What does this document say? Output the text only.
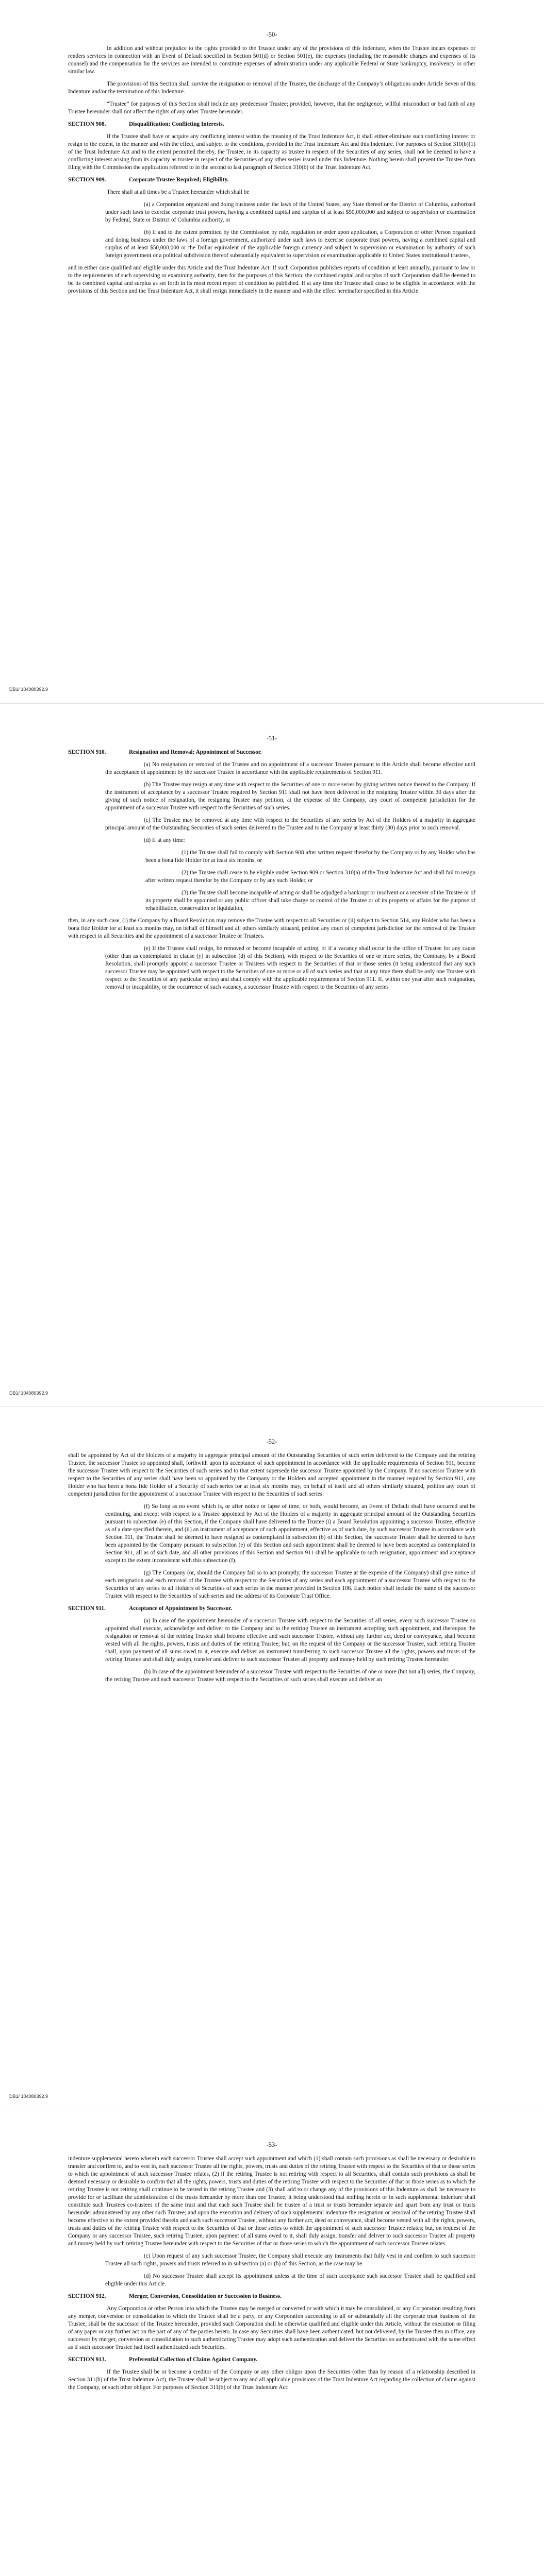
-50-

In addition and without prejudice to the rights provided to the Trustee under any of the provisions of this Indenture, when the Trustee incurs expenses or renders services in connection with an Event of Default specified in Section 501(d) or Section 501(e), the expenses (including the reasonable charges and expenses of its counsel) and the compensation for the services are intended to constitute expenses of administration under any applicable Federal or State bankruptcy, insolvency or other similar law.

The provisions of this Section shall survive the resignation or removal of the Trustee, the discharge of the Company’s obligations under Article Seven of this Indenture and/or the termination of this Indenture.

“Trustee” for purposes of this Section shall include any predecessor Trustee; provided, however, that the negligence, willful misconduct or bad faith of any Trustee hereunder shall not affect the rights of any other Trustee hereunder.

SECTION 908.	Disqualification; Conflicting Interests.

If the Trustee shall have or acquire any conflicting interest within the meaning of the Trust Indenture Act, it shall either eliminate such conflicting interest or resign to the extent, in the manner and with the effect, and subject to the conditions, provided in the Trust Indenture Act and this Indenture. For purposes of Section 310(b)(1) of the Trust Indenture Act and to the extent permitted thereby, the Trustee, in its capacity as trustee in respect of the Securities of any series, shall not be deemed to have a conflicting interest arising from its capacity as trustee in respect of the Securities of any other series issued under this Indenture. Nothing herein shall prevent the Trustee from filing with the Commission the application referred to in the second to last paragraph of Section 310(b) of the Trust Indenture Act.

SECTION 909.	Corporate Trustee Required; Eligibility.

There shall at all times be a Trustee hereunder which shall be

(a) a Corporation organized and doing business under the laws of the United States, any State thereof or the District of Columbia, authorized under such laws to exercise corporate trust powers, having a combined capital and surplus of at least $50,000,000 and subject to supervision or examination by Federal, State or District of Columbia authority, or

(b) if and to the extent permitted by the Commission by rule, regulation or order upon application, a Corporation or other Person organized and doing business under the laws of a foreign government, authorized under such laws to exercise corporate trust powers, having a combined capital and surplus of at least $50,000,000 or the Dollar equivalent of the applicable foreign currency and subject to supervision or examination by authority of such foreign government or a political subdivision thereof substantially equivalent to supervision or examination applicable to United States institutional trustees,

and in either case qualified and eligible under this Article and the Trust Indenture Act. If such Corporation publishes reports of condition at least annually, pursuant to law or to the requirements of such supervising or examining authority, then for the purposes of this Section, the combined capital and surplus of such Corporation shall be deemed to be its combined capital and surplus as set forth in its most recent report of condition so published. If at any time the Trustee shall cease to be eligible in accordance with the provisions of this Section and the Trust Indenture Act, it shall resign immediately in the manner and with the effect hereinafter specified in this Article.

DB1/ 104080392.9
-51-

SECTION 910.	Resignation and Removal; Appointment of Successor.

(a) No resignation or removal of the Trustee and no appointment of a successor Trustee pursuant to this Article shall become effective until the acceptance of appointment by the successor Trustee in accordance with the applicable requirements of Section 911.

(b) The Trustee may resign at any time with respect to the Securities of one or more series by giving written notice thereof to the Company. If the instrument of acceptance by a successor Trustee required by Section 911 shall not have been delivered to the resigning Trustee within 30 days after the giving of such notice of resignation, the resigning Trustee may petition, at the expense of the Company, any court of competent jurisdiction for the appointment of a successor Trustee with respect to the Securities of such series.

(c) The Trustee may be removed at any time with respect to the Securities of any series by Act of the Holders of a majority in aggregate principal amount of the Outstanding Securities of such series delivered to the Trustee and to the Company at least thirty (30) days prior to such removal.

(d) If at any time:

(1) the Trustee shall fail to comply with Section 908 after written request therefor by the Company or by any Holder who has been a bona fide Holder for at least six months, or

(2) the Trustee shall cease to be eligible under Section 909 or Section 310(a) of the Trust Indenture Act and shall fail to resign after written request therefor by the Company or by any such Holder, or

(3) the Trustee shall become incapable of acting or shall be adjudged a bankrupt or insolvent or a receiver of the Trustee or of its property shall be appointed or any public officer shall take charge or control of the Trustee or of its property or affairs for the purpose of rehabilitation, conservation or liquidation,

then, in any such case, (i) the Company by a Board Resolution may remove the Trustee with respect to all Securities or (ii) subject to Section 514, any Holder who has been a bona fide Holder for at least six months may, on behalf of himself and all others similarly situated, petition any court of competent jurisdiction for the removal of the Trustee with respect to all Securities and the appointment of a successor Trustee or Trustees.

(e) If the Trustee shall resign, be removed or become incapable of acting, or if a vacancy shall occur in the office of Trustee for any cause (other than as contemplated in clause (y) in subsection (d) of this Section), with respect to the Securities of one or more series, the Company, by a Board Resolution, shall promptly appoint a successor Trustee or Trustees with respect to the Securities of that or those series (it being understood that any such successor Trustee may be appointed with respect to the Securities of one or more or all of such series and that at any time there shall be only one Trustee with respect to the Securities of any particular series) and shall comply with the applicable requirements of Section 911. If, within one year after such resignation, removal or incapability, or the occurrence of such vacancy, a successor Trustee with respect to the Securities of any series

DB1/ 104080392.9
-52-

shall be appointed by Act of the Holders of a majority in aggregate principal amount of the Outstanding Securities of such series delivered to the Company and the retiring Trustee, the successor Trustee so appointed shall, forthwith upon its acceptance of such appointment in accordance with the applicable requirements of Section 911, become the successor Trustee with respect to the Securities of such series and to that extent supersede the successor Trustee appointed by the Company. If no successor Trustee with respect to the Securities of any series shall have been so appointed by the Company or the Holders and accepted appointment in the manner required by Section 911, any Holder who has been a bona fide Holder of a Security of such series for at least six months may, on behalf of itself and all others similarly situated, petition any court of competent jurisdiction for the appointment of a successor Trustee with respect to the Securities of such series.

(f) So long as no event which is, or after notice or lapse of time, or both, would become, an Event of Default shall have occurred and be continuing, and except with respect to a Trustee appointed by Act of the Holders of a majority in aggregate principal amount of the Outstanding Securities pursuant to subsection (e) of this Section, if the Company shall have delivered to the Trustee (i) a Board Resolution appointing a successor Trustee, effective as of a date specified therein, and (ii) an instrument of acceptance of such appointment, effective as of such date, by such successor Trustee in accordance with Section 911, the Trustee shall be deemed to have resigned as contemplated in subsection (b) of this Section, the successor Trustee shall be deemed to have been appointed by the Company pursuant to subsection (e) of this Section and such appointment shall be deemed to have been accepted as contemplated in Section 911, all as of such date, and all other provisions of this Section and Section 911 shall be applicable to such resignation, appointment and acceptance except to the extent inconsistent with this subsection (f).

(g) The Company (or, should the Company fail so to act promptly, the successor Trustee at the expense of the Company) shall give notice of each resignation and each removal of the Trustee with respect to the Securities of any series and each appointment of a successor Trustee with respect to the Securities of any series to all Holders of Securities of such series in the manner provided in Section 106. Each notice shall include the name of the successor Trustee with respect to the Securities of such series and the address of its Corporate Trust Office.

SECTION 911.	Acceptance of Appointment by Successor.

(a) In case of the appointment hereunder of a successor Trustee with respect to the Securities of all series, every such successor Trustee so appointed shall execute, acknowledge and deliver to the Company and to the retiring Trustee an instrument accepting such appointment, and thereupon the resignation or removal of the retiring Trustee shall become effective and such successor Trustee, without any further act, deed or conveyance, shall become vested with all the rights, powers, trusts and duties of the retiring Trustee; but, on the request of the Company or the successor Trustee, such retiring Trustee shall, upon payment of all sums owed to it, execute and deliver an instrument transferring to such successor Trustee all the rights, powers and trusts of the retiring Trustee and shall duly assign, transfer and deliver to such successor Trustee all property and money held by such retiring Trustee hereunder.

(b) In case of the appointment hereunder of a successor Trustee with respect to the Securities of one or more (but not all) series, the Company, the retiring Trustee and each successor Trustee with respect to the Securities of such series shall execute and deliver an

DB1/ 104080392.9
-53-

indenture supplemental hereto wherein each successor Trustee shall accept such appointment and which (1) shall contain such provisions as shall be necessary or desirable to transfer and confirm to, and to vest in, each successor Trustee all the rights, powers, trusts and duties of the retiring Trustee with respect to the Securities of that or those series to which the appointment of such successor Trustee relates, (2) if the retiring Trustee is not retiring with respect to all Securities, shall contain such provisions as shall be deemed necessary or desirable to confirm that all the rights, powers, trusts and duties of the retiring Trustee with respect to the Securities of that or those series as to which the retiring Trustee is not retiring shall continue to be vested in the retiring Trustee and (3) shall add to or change any of the provisions of this Indenture as shall be necessary to provide for or facilitate the administration of the trusts hereunder by more than one Trustee, it being understood that nothing herein or in such supplemental indenture shall constitute such Trustees co-trustees of the same trust and that each such Trustee shall be trustee of a trust or trusts hereunder separate and apart from any trust or trusts hereunder administered by any other such Trustee; and upon the execution and delivery of such supplemental indenture the resignation or removal of the retiring Trustee shall become effective to the extent provided therein and each such successor Trustee, without any further act, deed or conveyance, shall become vested with all the rights, powers, trusts and duties of the retiring Trustee with respect to the Securities of that or those series to which the appointment of such successor Trustee relates; but, on request of the Company or any successor Trustee, such retiring Trustee, upon payment of all sums owed to it, shall duly assign, transfer and deliver to such successor Trustee all property and money held by such retiring Trustee hereunder with respect to the Securities of that or those series to which the appointment of such successor Trustee relates.

(c) Upon request of any such successor Trustee, the Company shall execute any instruments that fully vest in and confirm to such successor Trustee all such rights, powers and trusts referred to in subsection (a) or (b) of this Section, as the case may be.

(d) No successor Trustee shall accept its appointment unless at the time of such acceptance such successor Trustee shall be qualified and eligible under this Article.

SECTION 912.	Merger, Conversion, Consolidation or Succession to Business.

Any Corporation or other Person into which the Trustee may be merged or converted or with which it may be consolidated, or any Corporation resulting from any merger, conversion or consolidation to which the Trustee shall be a party, or any Corporation succeeding to all or substantially all the corporate trust business of the Trustee, shall be the successor of the Trustee hereunder, provided such Corporation shall be otherwise qualified and eligible under this Article, without the execution or filing of any paper or any further act on the part of any of the parties hereto. In case any Securities shall have been authenticated, but not delivered, by the Trustee then in office, any successor by merger, conversion or consolidation to such authenticating Trustee may adopt such authentication and deliver the Securities so authenticated with the same effect as if such successor Trustee had itself authenticated such Securities.

SECTION 913.	Preferential Collection of Claims Against Company.

If the Trustee shall be or become a creditor of the Company or any other obligor upon the Securities (other than by reason of a relationship described in Section 311(b) of the Trust Indenture Act), the Trustee shall be subject to any and all applicable provisions of the Trust Indenture Act regarding the collection of claims against the Company, or such other obligor. For purposes of Section 311(b) of the Trust Indenture Act:
